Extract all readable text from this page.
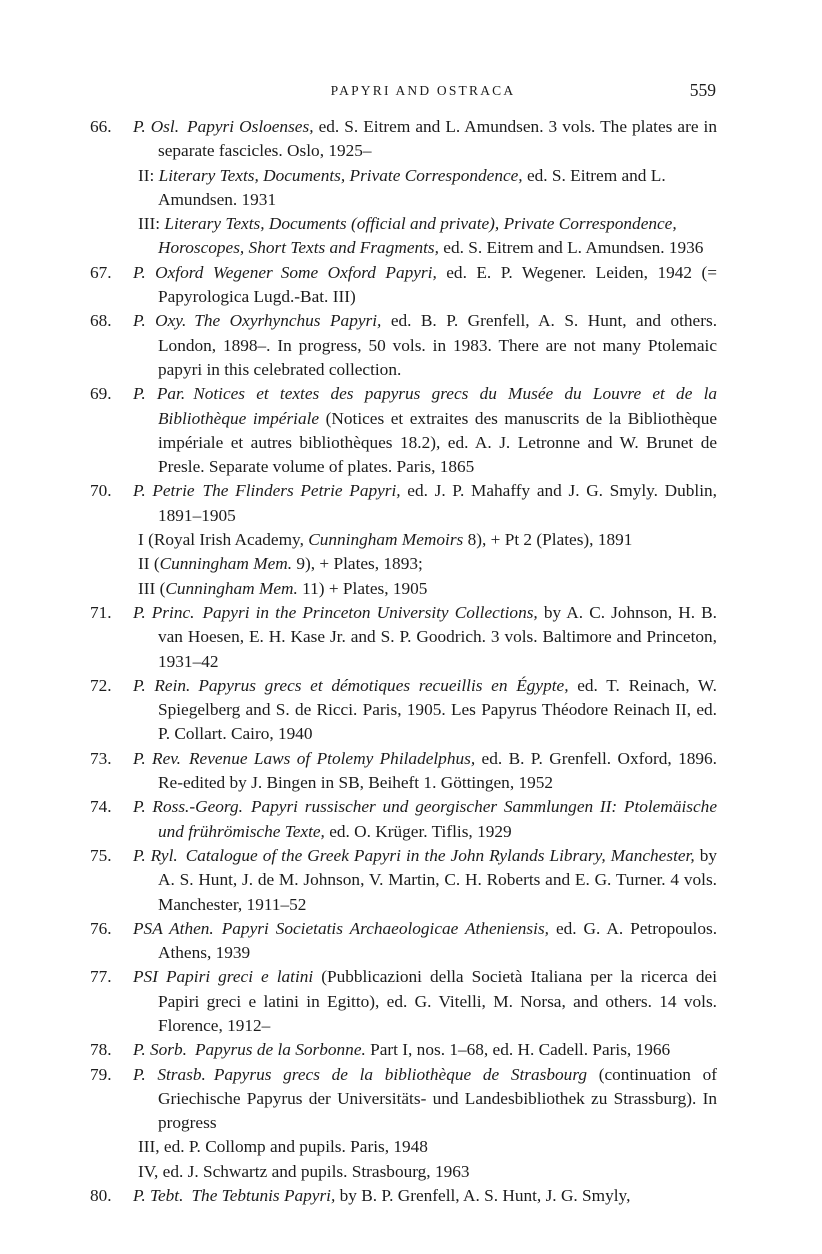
PAPYRI AND OSTRACA	559
66.	P. Osl. Papyri Osloenses, ed. S. Eitrem and L. Amundsen. 3 vols. The plates are in separate fascicles. Oslo, 1925–
II: Literary Texts, Documents, Private Correspondence, ed. S. Eitrem and L. Amundsen. 1931
III: Literary Texts, Documents (official and private), Private Correspondence, Horoscopes, Short Texts and Fragments, ed. S. Eitrem and L. Amundsen. 1936
67.	P. Oxford Wegener Some Oxford Papyri, ed. E. P. Wegener. Leiden, 1942 (= Papyrologica Lugd.-Bat. III)
68.	P. Oxy. The Oxyrhynchus Papyri, ed. B. P. Grenfell, A. S. Hunt, and others. London, 1898–. In progress, 50 vols. in 1983. There are not many Ptolemaic papyri in this celebrated collection.
69.	P. Par. Notices et textes des papyrus grecs du Musée du Louvre et de la Bibliothèque impériale (Notices et extraites des manuscrits de la Bibliothèque impériale et autres bibliothèques 18.2), ed. A. J. Letronne and W. Brunet de Presle. Separate volume of plates. Paris, 1865
70.	P. Petrie The Flinders Petrie Papyri, ed. J. P. Mahaffy and J. G. Smyly. Dublin, 1891–1905
I (Royal Irish Academy, Cunningham Memoirs 8), + Pt 2 (Plates), 1891
II (Cunningham Mem. 9), + Plates, 1893;
III (Cunningham Mem. 11) + Plates, 1905
71.	P. Princ. Papyri in the Princeton University Collections, by A. C. Johnson, H. B. van Hoesen, E. H. Kase Jr. and S. P. Goodrich. 3 vols. Baltimore and Princeton, 1931–42
72.	P. Rein. Papyrus grecs et démotiques recueillis en Égypte, ed. T. Reinach, W. Spiegelberg and S. de Ricci. Paris, 1905. Les Papyrus Théodore Reinach II, ed. P. Collart. Cairo, 1940
73.	P. Rev. Revenue Laws of Ptolemy Philadelphus, ed. B. P. Grenfell. Oxford, 1896. Re-edited by J. Bingen in SB, Beiheft 1. Göttingen, 1952
74.	P. Ross.-Georg. Papyri russischer und georgischer Sammlungen II: Ptolemäische und frührömische Texte, ed. O. Krüger. Tiflis, 1929
75.	P. Ryl. Catalogue of the Greek Papyri in the John Rylands Library, Manchester, by A. S. Hunt, J. de M. Johnson, V. Martin, C. H. Roberts and E. G. Turner. 4 vols. Manchester, 1911–52
76.	PSA Athen. Papyri Societatis Archaeologicae Atheniensis, ed. G. A. Petropoulos. Athens, 1939
77.	PSI Papiri greci e latini (Pubblicazioni della Società Italiana per la ricerca dei Papiri greci e latini in Egitto), ed. G. Vitelli, M. Norsa, and others. 14 vols. Florence, 1912–
78.	P. Sorb. Papyrus de la Sorbonne. Part I, nos. 1–68, ed. H. Cadell. Paris, 1966
79.	P. Strasb. Papyrus grecs de la bibliothèque de Strasbourg (continuation of Griechische Papyrus der Universitäts- und Landesbibliothek zu Strassburg). In progress
III, ed. P. Collomp and pupils. Paris, 1948
IV, ed. J. Schwartz and pupils. Strasbourg, 1963
80.	P. Tebt. The Tebtunis Papyri, by B. P. Grenfell, A. S. Hunt, J. G. Smyly,
